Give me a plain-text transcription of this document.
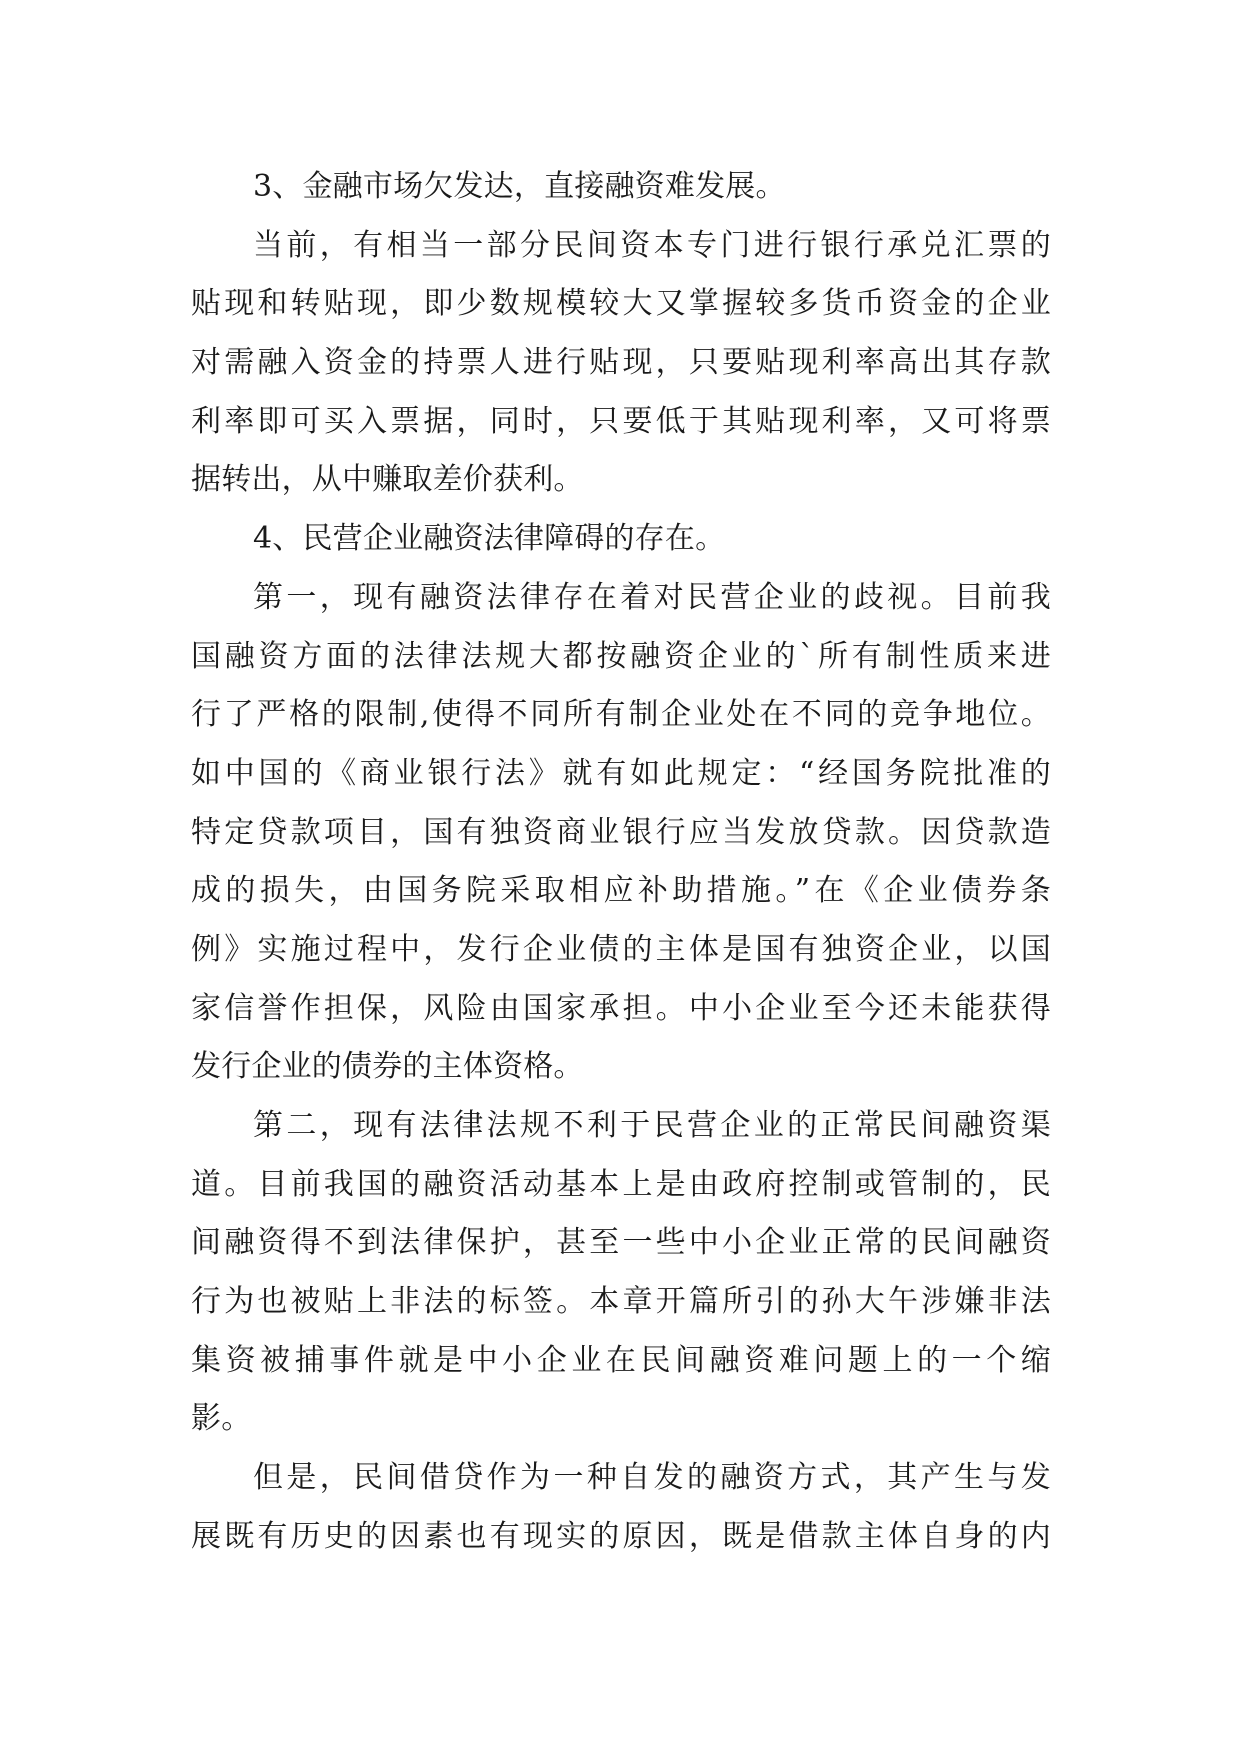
3、金融市场欠发达，直接融资难发展。
当前，有相当一部分民间资本专门进行银行承兑汇票的
贴现和转贴现，即少数规模较大又掌握较多货币资金的企业
对需融入资金的持票人进行贴现，只要贴现利率高出其存款
利率即可买入票据，同时，只要低于其贴现利率，又可将票
据转出，从中赚取差价获利。
4、民营企业融资法律障碍的存在。
第一，现有融资法律存在着对民营企业的歧视。目前我
国融资方面的法律法规大都按融资企业的`所有制性质来进
行了严格的限制,使得不同所有制企业处在不同的竞争地位。
如中国的《商业银行法》就有如此规定：“经国务院批准的
特定贷款项目，国有独资商业银行应当发放贷款。因贷款造
成的损失，由国务院采取相应补助措施。”在《企业债券条
例》实施过程中，发行企业债的主体是国有独资企业，以国
家信誉作担保，风险由国家承担。中小企业至今还未能获得
发行企业的债券的主体资格。
第二，现有法律法规不利于民营企业的正常民间融资渠
道。目前我国的融资活动基本上是由政府控制或管制的，民
间融资得不到法律保护，甚至一些中小企业正常的民间融资
行为也被贴上非法的标签。本章开篇所引的孙大午涉嫌非法
集资被捕事件就是中小企业在民间融资难问题上的一个缩
影。
但是，民间借贷作为一种自发的融资方式，其产生与发
展既有历史的因素也有现实的原因，既是借款主体自身的内
